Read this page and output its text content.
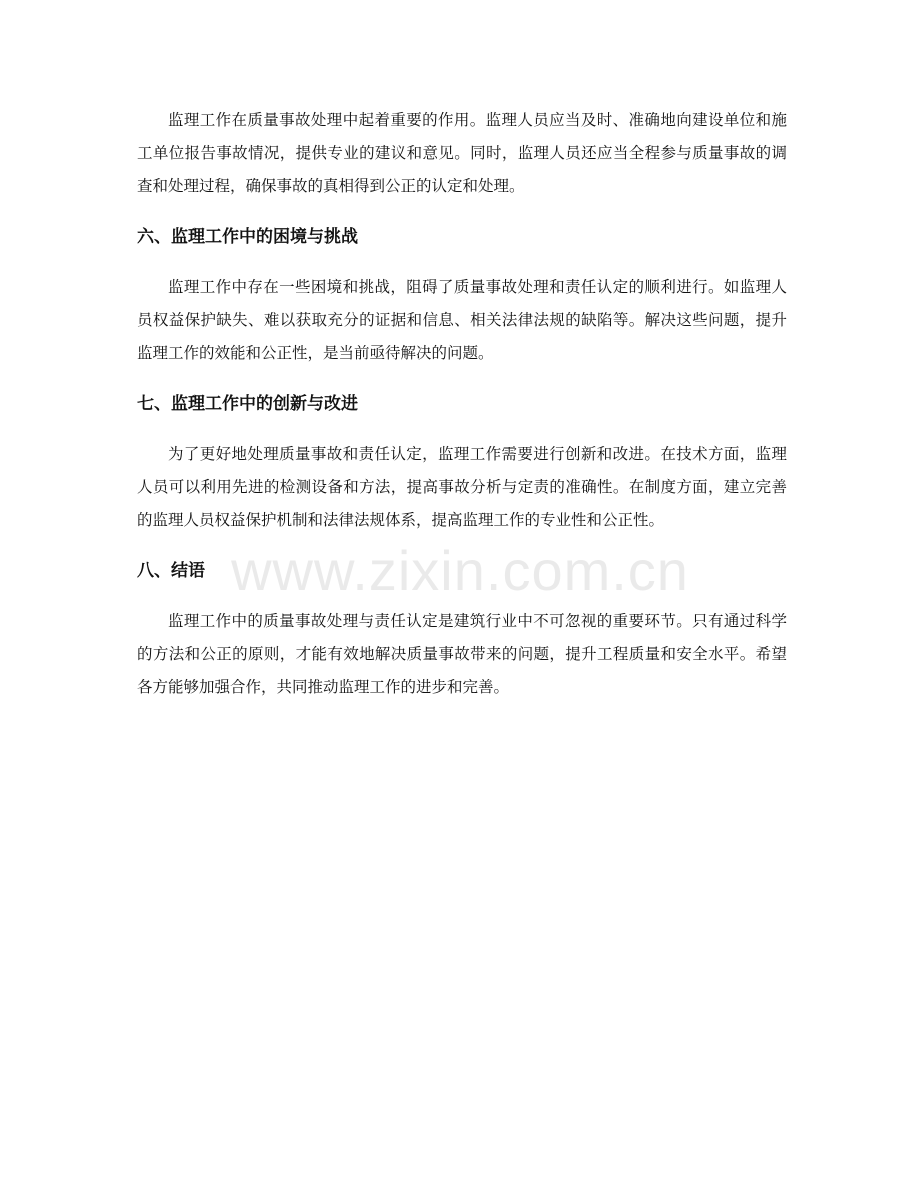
监理工作在质量事故处理中起着重要的作用。监理人员应当及时、准确地向建设单位和施工单位报告事故情况，提供专业的建议和意见。同时，监理人员还应当全程参与质量事故的调查和处理过程，确保事故的真相得到公正的认定和处理。

六、监理工作中的困境与挑战

监理工作中存在一些困境和挑战，阻碍了质量事故处理和责任认定的顺利进行。如监理人员权益保护缺失、难以获取充分的证据和信息、相关法律法规的缺陷等。解决这些问题，提升监理工作的效能和公正性，是当前亟待解决的问题。

七、监理工作中的创新与改进

为了更好地处理质量事故和责任认定，监理工作需要进行创新和改进。在技术方面，监理人员可以利用先进的检测设备和方法，提高事故分析与定责的准确性。在制度方面，建立完善的监理人员权益保护机制和法律法规体系，提高监理工作的专业性和公正性。

八、结语

监理工作中的质量事故处理与责任认定是建筑行业中不可忽视的重要环节。只有通过科学的方法和公正的原则，才能有效地解决质量事故带来的问题，提升工程质量和安全水平。希望各方能够加强合作，共同推动监理工作的进步和完善。

www.zixin.com.cn
